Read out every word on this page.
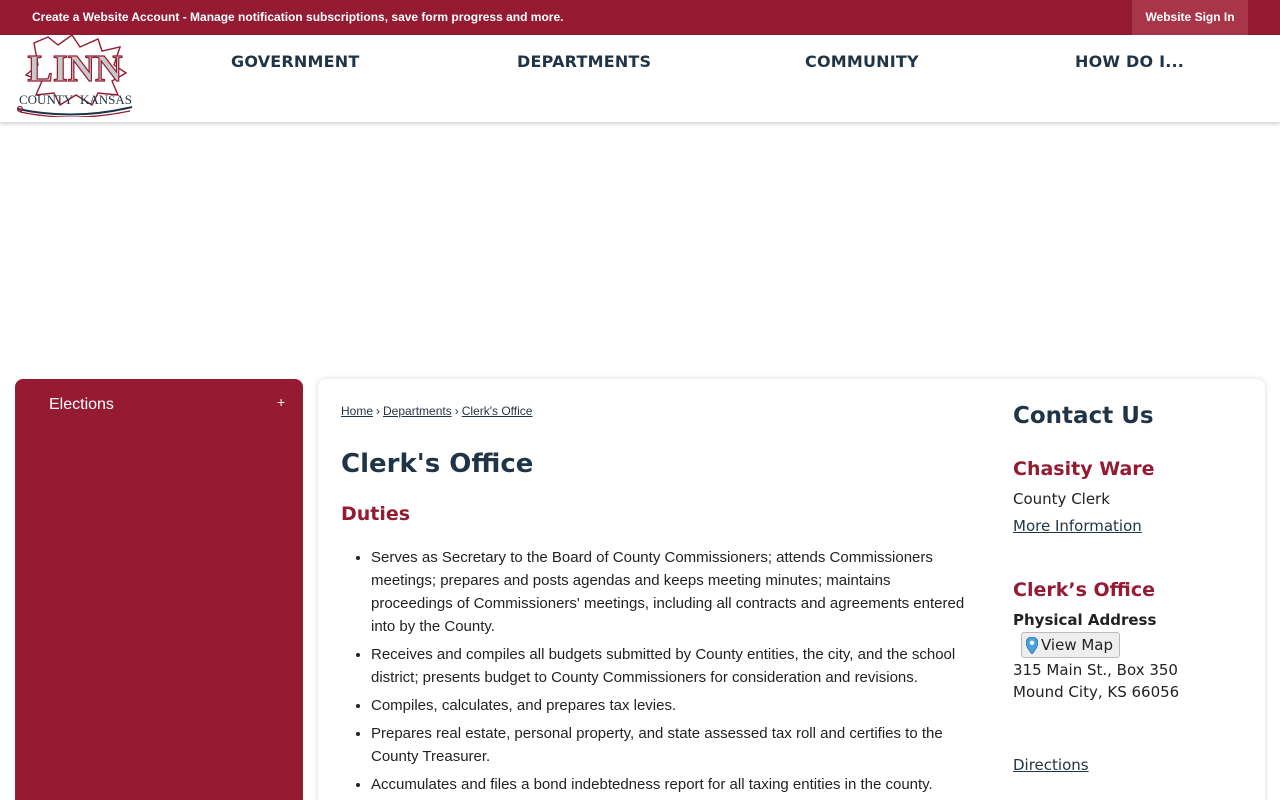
Create a Website Account - Manage notification subscriptions, save form progress and more.	Website Sign In
LINN
COUNTY KANSAS
GOVERNMENT	DEPARTMENTS	COMMUNITY	HOW DO I...
Elections	+
Home › Departments › Clerk's Office
Clerk's Office
Duties
• Serves as Secretary to the Board of County Commissioners; attends Commissioners meetings; prepares and posts agendas and keeps meeting minutes; maintains proceedings of Commissioners' meetings, including all contracts and agreements entered into by the County.
• Receives and compiles all budgets submitted by County entities, the city, and the school district; presents budget to County Commissioners for consideration and revisions.
• Compiles, calculates, and prepares tax levies.
• Prepares real estate, personal property, and state assessed tax roll and certifies to the County Treasurer.
• Accumulates and files a bond indebtedness report for all taxing entities in the county.
Contact Us
Chasity Ware
County Clerk
More Information
Clerk’s Office
Physical Address
View Map
315 Main St., Box 350
Mound City, KS 66056
Directions
